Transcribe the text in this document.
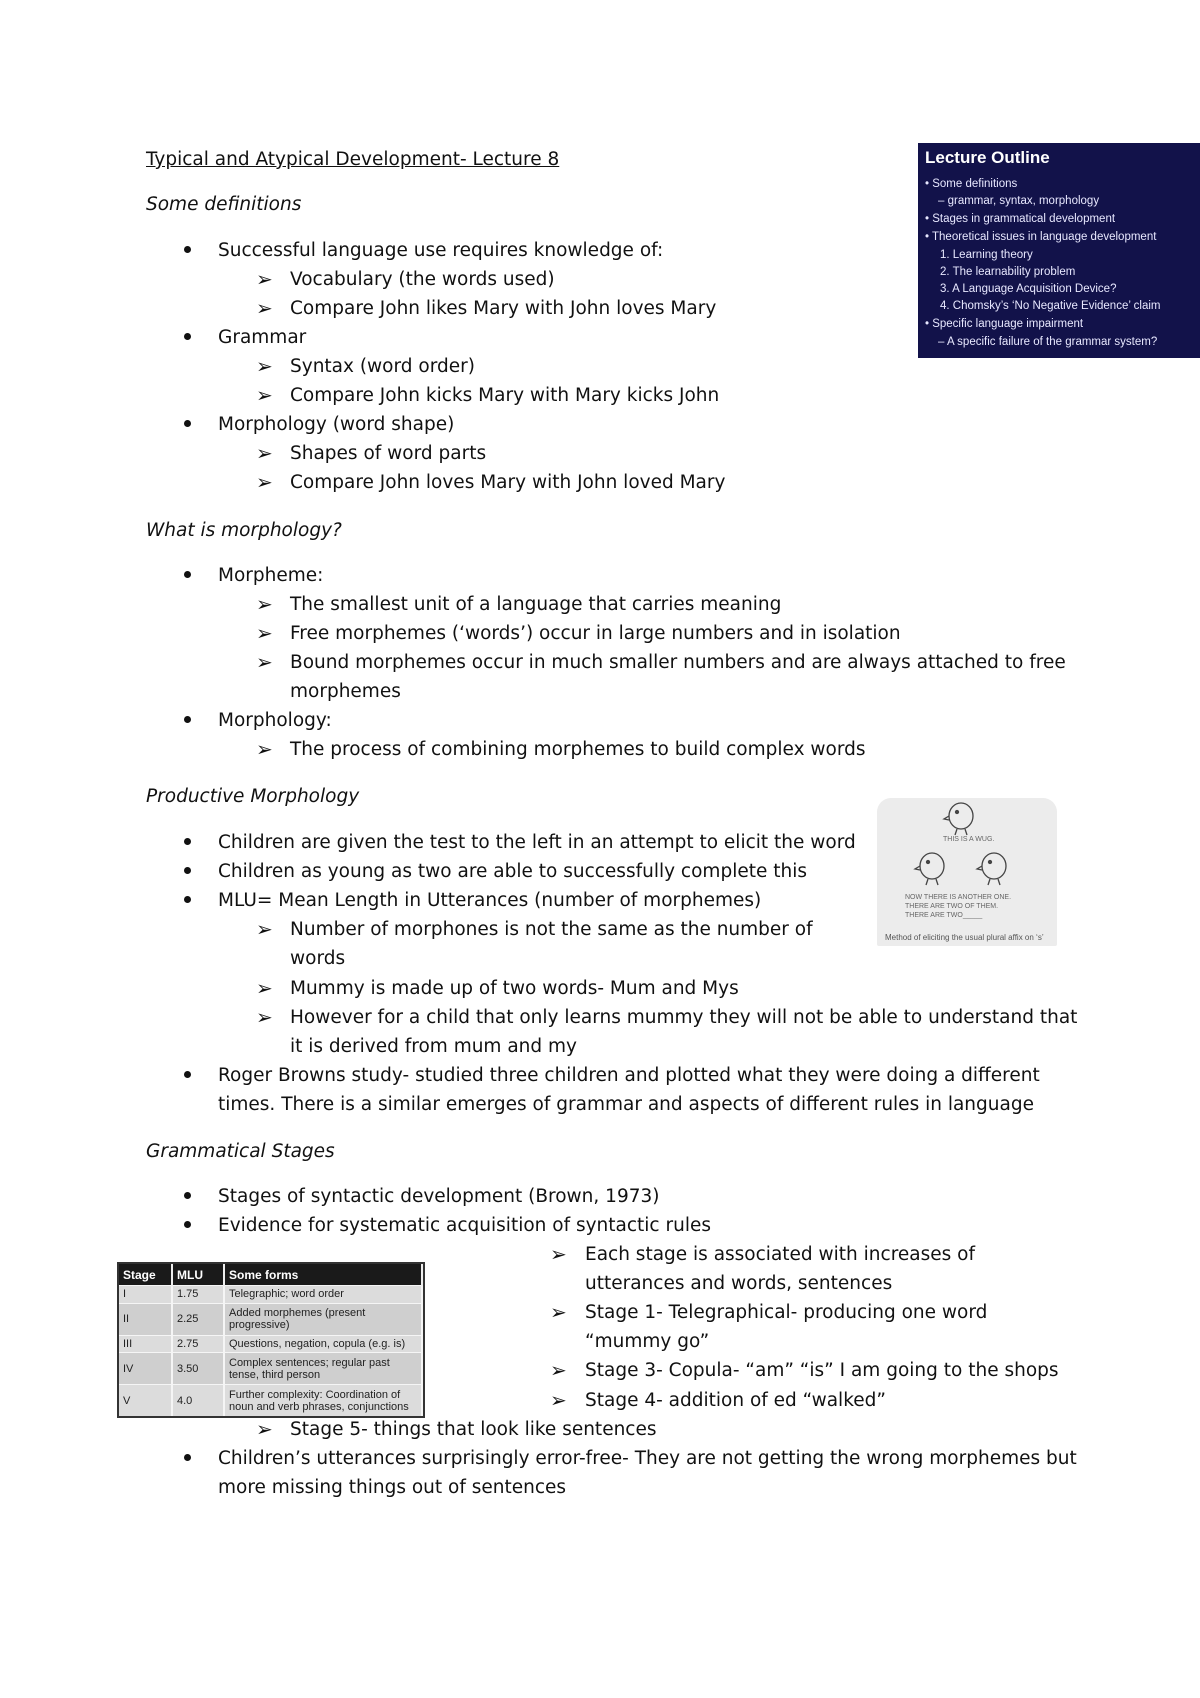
Typical and Atypical Development- Lecture 8
Some definitions
Successful language use requires knowledge of:
➢ Vocabulary (the words used)
➢ Compare John likes Mary with John loves Mary
Grammar
➢ Syntax (word order)
➢ Compare John kicks Mary with Mary kicks John
Morphology (word shape)
➢ Shapes of word parts
➢ Compare John loves Mary with John loved Mary
What is morphology?
Morpheme:
➢ The smallest unit of a language that carries meaning
➢ Free morphemes (‘words’) occur in large numbers and in isolation
➢ Bound morphemes occur in much smaller numbers and are always attached to free
morphemes
Morphology:
➢ The process of combining morphemes to build complex words
Productive Morphology
Children are given the test to the left in an attempt to elicit the word
Children as young as two are able to successfully complete this
MLU= Mean Length in Utterances (number of morphemes)
➢ Number of morphones is not the same as the number of
words
➢ Mummy is made up of two words- Mum and Mys
➢ However for a child that only learns mummy they will not be able to understand that
it is derived from mum and my
Roger Browns study- studied three children and plotted what they were doing a different
times. There is a similar emerges of grammar and aspects of different rules in language
Grammatical Stages
Stages of syntactic development (Brown, 1973)
Evidence for systematic acquisition of syntactic rules
➢ Each stage is associated with increases of
utterances and words, sentences
➢ Stage 1- Telegraphical- producing one word
“mummy go”
➢ Stage 3- Copula- “am” “is” I am going to the shops
➢ Stage 4- addition of ed “walked”
➢ Stage 5- things that look like sentences
Children’s utterances surprisingly error-free- They are not getting the wrong morphemes but
more missing things out of sentences
Lecture Outline
• Some definitions
– grammar, syntax, morphology
• Stages in grammatical development
• Theoretical issues in language development
1. Learning theory
2. The learnability problem
3. A Language Acquisition Device?
4. Chomsky’s ‘No Negative Evidence’ claim
• Specific language impairment
– A specific failure of the grammar system?
THIS IS A WUG.
NOW THERE IS ANOTHER ONE.
THERE ARE TWO OF THEM.
THERE ARE TWO_____
Method of eliciting the usual plural affix on ‘s’
Stage	MLU	Some forms
I	1.75	Telegraphic; word order
II	2.25	Added morphemes (present progressive)
III	2.75	Questions, negation, copula (e.g. is)
IV	3.50	Complex sentences; regular past tense, third person
V	4.0	Further complexity: Coordination of noun and verb phrases, conjunctions
